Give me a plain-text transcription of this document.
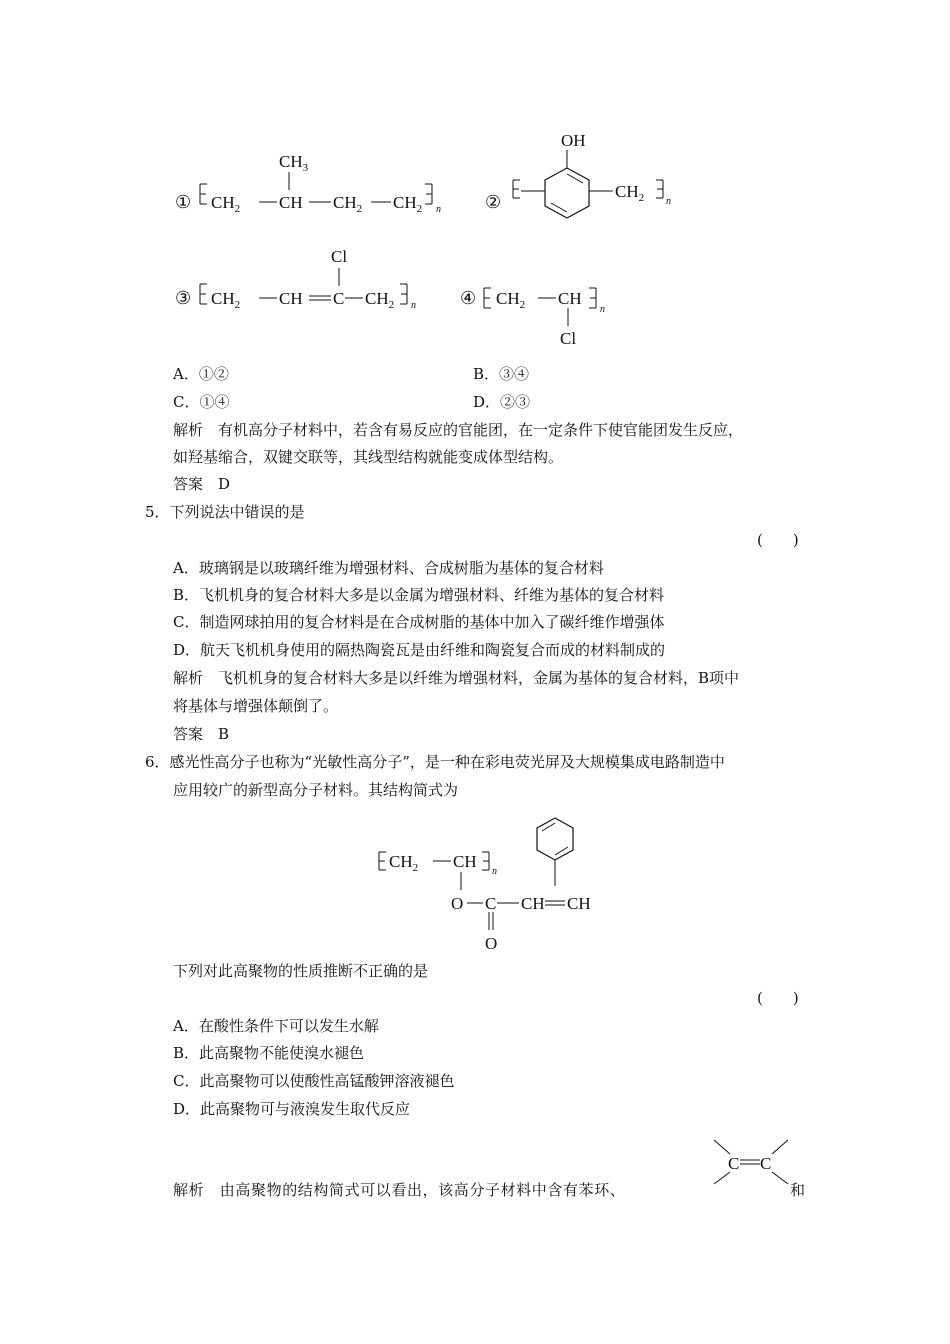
① $CH_2$ CH $CH_2$ $CH_2$
$CH_3$
n ②
OH
$CH_2$ n
③ $CH_2$ CH C $CH_2$
Cl
n ④ $CH_2$ CH
Cl
n
A．①②	B．③④
C．①④	D．②③
解析　有机高分子材料中，若含有易反应的官能团，在一定条件下使官能团发生反应，
如羟基缩合，双键交联等，其线型结构就能变成体型结构。
答案　D
5．下列说法中错误的是
(　　)
A．玻璃钢是以玻璃纤维为增强材料、合成树脂为基体的复合材料
B．飞机机身的复合材料大多是以金属为增强材料、纤维为基体的复合材料
C．制造网球拍用的复合材料是在合成树脂的基体中加入了碳纤维作增强体
D．航天飞机机身使用的隔热陶瓷瓦是由纤维和陶瓷复合而成的材料制成的
解析　飞机机身的复合材料大多是以纤维为增强材料，金属为基体的复合材料，B项中
将基体与增强体颠倒了。
答案　B
6．感光性高分子也称为“光敏性高分子”，是一种在彩电荧光屏及大规模集成电路制造中
应用较广的新型高分子材料。其结构简式为
$CH_2$ CH
O C
O
CH CH
n
下列对此高聚物的性质推断不正确的是
(　　)
A．在酸性条件下可以发生水解
B．此高聚物不能使溴水褪色
C．此高聚物可以使酸性高锰酸钾溶液褪色
D．此高聚物可与液溴发生取代反应
解析　由高聚物的结构简式可以看出，该高分子材料中含有苯环、
C C
和
